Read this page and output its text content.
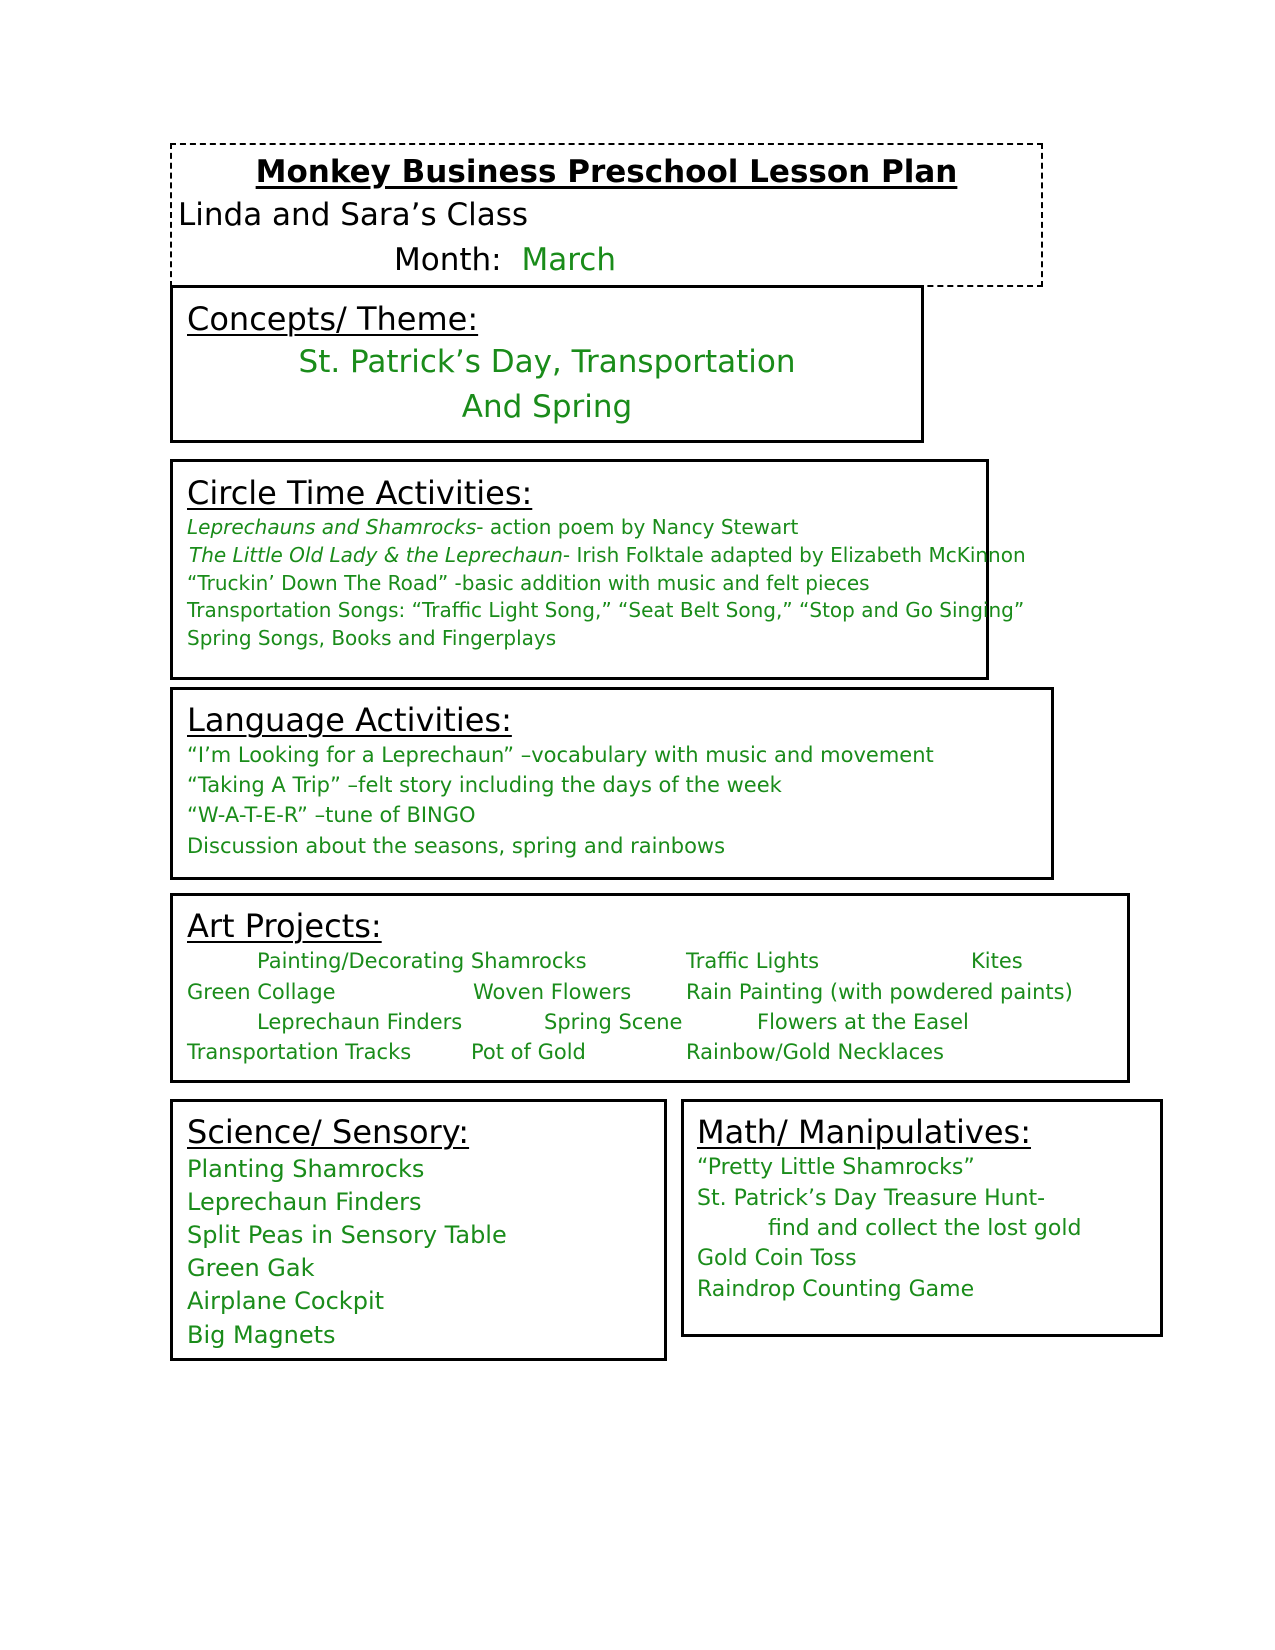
Monkey Business Preschool Lesson Plan
Linda and Sara’s Class
Month: March
Concepts/ Theme:
St. Patrick’s Day, Transportation
And Spring
Circle Time Activities:
Leprechauns and Shamrocks- action poem by Nancy Stewart
The Little Old Lady & the Leprechaun- Irish Folktale adapted by Elizabeth McKinnon
“Truckin’ Down The Road” -basic addition with music and felt pieces
Transportation Songs: “Traffic Light Song,” “Seat Belt Song,” “Stop and Go Singing”
Spring Songs, Books and Fingerplays
Language Activities:
“I’m Looking for a Leprechaun” –vocabulary with music and movement
“Taking A Trip” –felt story including the days of the week
“W-A-T-E-R” –tune of BINGO
Discussion about the seasons, spring and rainbows
Art Projects:
Painting/Decorating Shamrocks	Traffic Lights	Kites
Green Collage	Woven Flowers	Rain Painting (with powdered paints)
Leprechaun Finders	Spring Scene	Flowers at the Easel
Transportation Tracks	Pot of Gold	Rainbow/Gold Necklaces
Science/ Sensory:
Planting Shamrocks
Leprechaun Finders
Split Peas in Sensory Table
Green Gak
Airplane Cockpit
Big Magnets
Math/ Manipulatives:
“Pretty Little Shamrocks”
St. Patrick’s Day Treasure Hunt-
find and collect the lost gold
Gold Coin Toss
Raindrop Counting Game
